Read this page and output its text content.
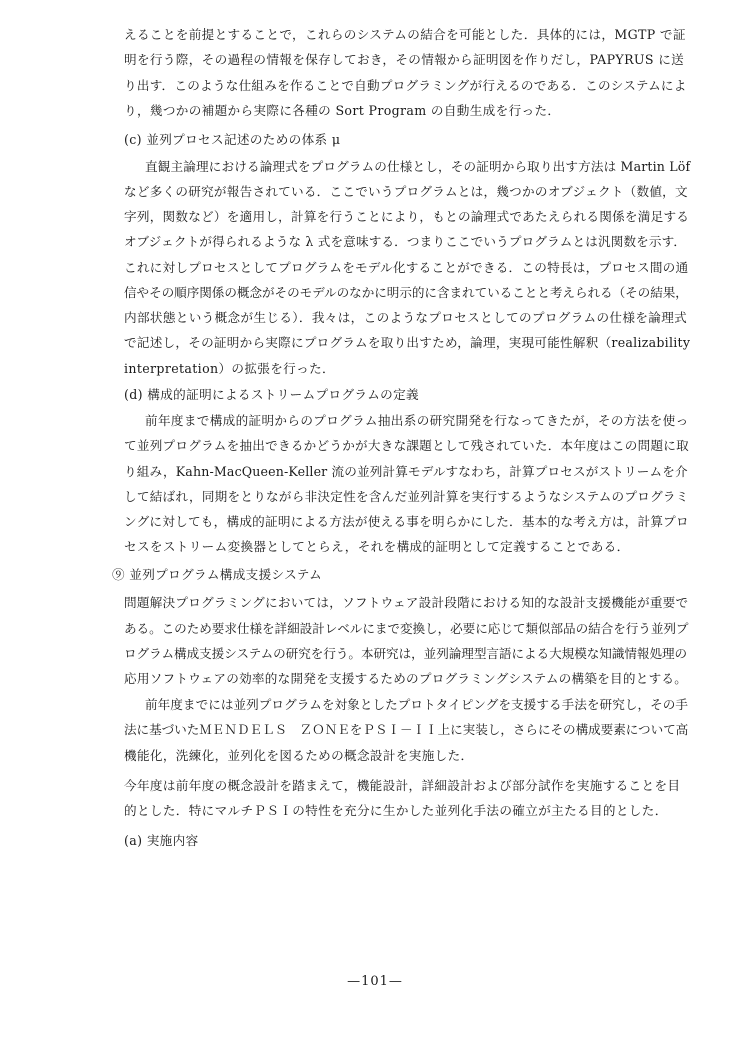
えることを前提とすることで，これらのシステムの結合を可能とした．具体的には，MGTP で証
明を行う際，その過程の情報を保存しておき，その情報から証明図を作りだし，PAPYRUS に送
り出す．このような仕組みを作ることで自動プログラミングが行えるのである．このシステムによ
り，幾つかの補題から実際に各種の Sort Program の自動生成を行った．
(c) 並列プロセス記述のための体系 μ
直観主論理における論理式をプログラムの仕様とし，その証明から取り出す方法は Martin Löf
など多くの研究が報告されている．ここでいうプログラムとは，幾つかのオブジェクト（数値，文
字列，関数など）を適用し，計算を行うことにより，もとの論理式であたえられる関係を満足する
オブジェクトが得られるような λ 式を意味する．つまりここでいうプログラムとは汎関数を示す．
これに対しプロセスとしてプログラムをモデル化することができる．この特長は，プロセス間の通
信やその順序関係の概念がそのモデルのなかに明示的に含まれていることと考えられる（その結果，
内部状態という概念が生じる）．我々は，このようなプロセスとしてのプログラムの仕様を論理式
で記述し，その証明から実際にプログラムを取り出すため，論理，実現可能性解釈（realizability
interpretation）の拡張を行った．
(d) 構成的証明によるストリームプログラムの定義
前年度まで構成的証明からのプログラム抽出系の研究開発を行なってきたが，その方法を使っ
て並列プログラムを抽出できるかどうかが大きな課題として残されていた．本年度はこの問題に取
り組み，Kahn-MacQueen-Keller 流の並列計算モデルすなわち，計算プロセスがストリームを介
して結ばれ，同期をとりながら非決定性を含んだ並列計算を実行するようなシステムのプログラミ
ングに対しても，構成的証明による方法が使える事を明らかにした．基本的な考え方は，計算プロ
セスをストリーム変換器としてとらえ，それを構成的証明として定義することである．
⑨ 並列プログラム構成支援システム
問題解決プログラミングにおいては，ソフトウェア設計段階における知的な設計支援機能が重要で
ある。このため要求仕様を詳細設計レベルにまで変換し，必要に応じて類似部品の結合を行う並列プ
ログラム構成支援システムの研究を行う。本研究は，並列論理型言語による大規模な知識情報処理の
応用ソフトウェアの効率的な開発を支援するためのプログラミングシステムの構築を目的とする。
前年度までには並列プログラムを対象としたプロトタイピングを支援する手法を研究し，その手
法に基づいたＭＥＮＤＥＬＳ　ＺＯＮＥをＰＳＩ－ＩＩ上に実装し，さらにその構成要素について高
機能化，洗練化，並列化を図るための概念設計を実施した．
今年度は前年度の概念設計を踏まえて，機能設計，詳細設計および部分試作を実施することを目
的とした．特にマルチＰＳＩの特性を充分に生かした並列化手法の確立が主たる目的とした．
(a) 実施内容
—101—
